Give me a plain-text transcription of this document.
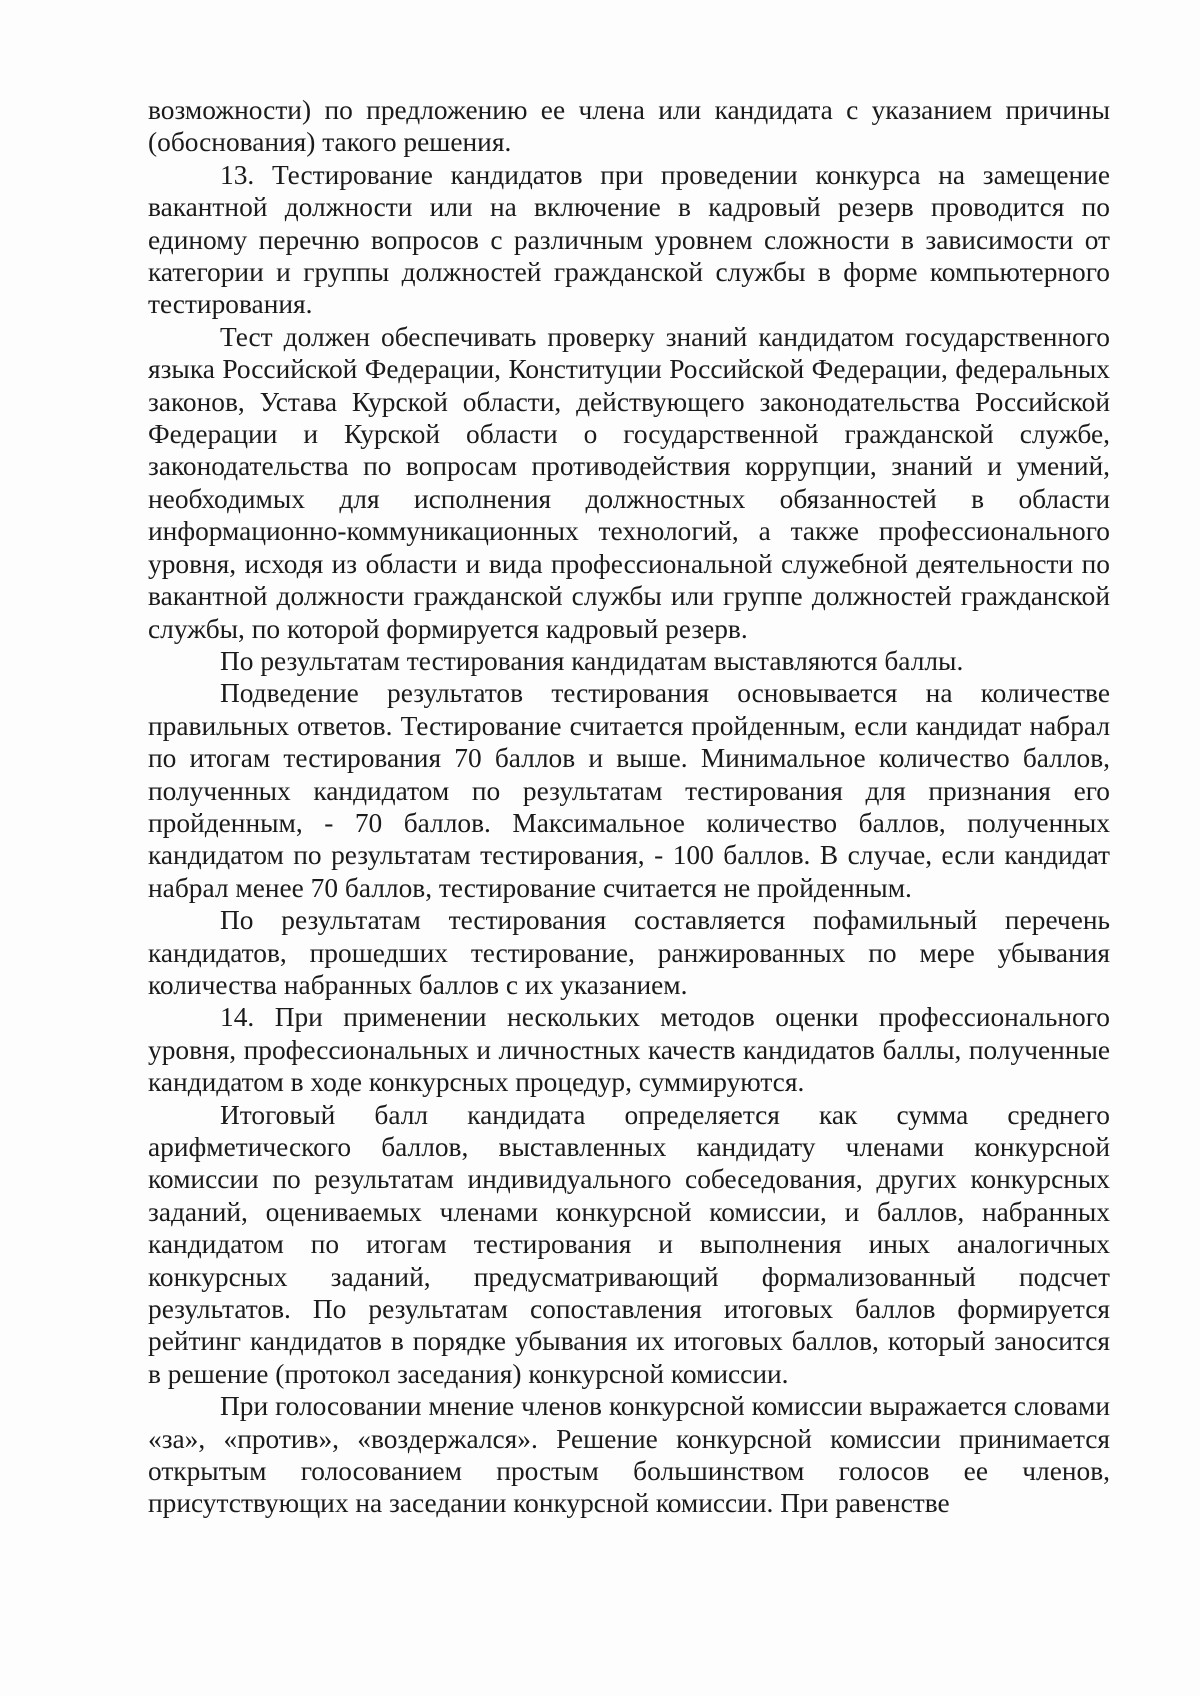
возможности) по предложению ее члена или кандидата с указанием причины (обоснования) такого решения.

13. Тестирование кандидатов при проведении конкурса на замещение вакантной должности или на включение в кадровый резерв проводится по единому перечню вопросов с различным уровнем сложности в зависимости от категории и группы должностей гражданской службы в форме компьютерного тестирования.

Тест должен обеспечивать проверку знаний кандидатом государственного языка Российской Федерации, Конституции Российской Федерации, федеральных законов, Устава Курской области, действующего законодательства Российской Федерации и Курской области о государственной гражданской службе, законодательства по вопросам противодействия коррупции, знаний и умений, необходимых для исполнения должностных обязанностей в области информационно-коммуникационных технологий, а также профессионального уровня, исходя из области и вида профессиональной служебной деятельности по вакантной должности гражданской службы или группе должностей гражданской службы, по которой формируется кадровый резерв.

По результатам тестирования кандидатам выставляются баллы.

Подведение результатов тестирования основывается на количестве правильных ответов. Тестирование считается пройденным, если кандидат набрал по итогам тестирования 70 баллов и выше. Минимальное количество баллов, полученных кандидатом по результатам тестирования для признания его пройденным, - 70 баллов. Максимальное количество баллов, полученных кандидатом по результатам тестирования, - 100 баллов. В случае, если кандидат набрал менее 70 баллов, тестирование считается не пройденным.

По результатам тестирования составляется пофамильный перечень кандидатов, прошедших тестирование, ранжированных по мере убывания количества набранных баллов с их указанием.

14. При применении нескольких методов оценки профессионального уровня, профессиональных и личностных качеств кандидатов баллы, полученные кандидатом в ходе конкурсных процедур, суммируются.

Итоговый балл кандидата определяется как сумма среднего арифметического баллов, выставленных кандидату членами конкурсной комиссии по результатам индивидуального собеседования, других конкурсных заданий, оцениваемых членами конкурсной комиссии, и баллов, набранных кандидатом по итогам тестирования и выполнения иных аналогичных конкурсных заданий, предусматривающий формализованный подсчет результатов. По результатам сопоставления итоговых баллов формируется рейтинг кандидатов в порядке убывания их итоговых баллов, который заносится в решение (протокол заседания) конкурсной комиссии.

При голосовании мнение членов конкурсной комиссии выражается словами «за», «против», «воздержался». Решение конкурсной комиссии принимается открытым голосованием простым большинством голосов ее членов, присутствующих на заседании конкурсной комиссии. При равенстве
